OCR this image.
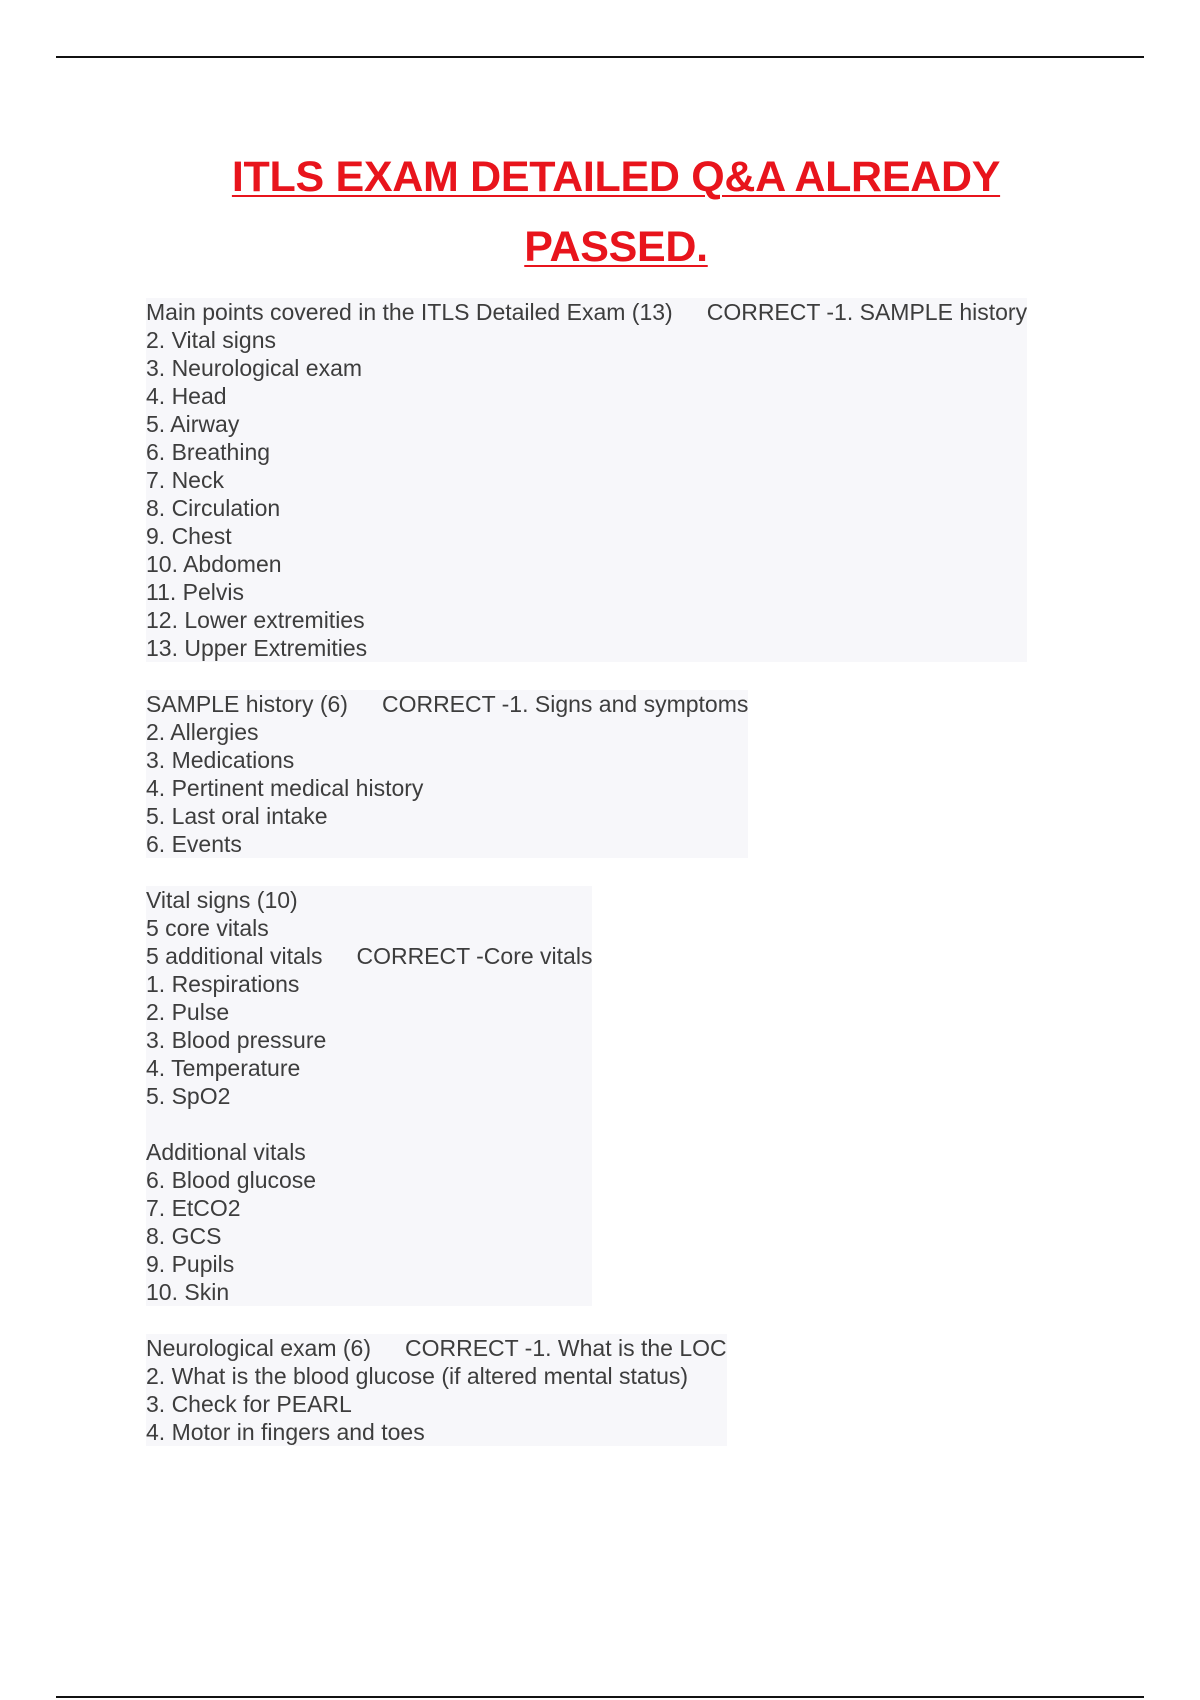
ITLS EXAM DETAILED Q&A ALREADY
PASSED.
Main points covered in the ITLS Detailed Exam (13) CORRECT -1. SAMPLE history
2. Vital signs
3. Neurological exam
4. Head
5. Airway
6. Breathing
7. Neck
8. Circulation
9. Chest
10. Abdomen
11. Pelvis
12. Lower extremities
13. Upper Extremities
SAMPLE history (6) CORRECT -1. Signs and symptoms
2. Allergies
3. Medications
4. Pertinent medical history
5. Last oral intake
6. Events
Vital signs (10)
5 core vitals
5 additional vitals CORRECT -Core vitals
1. Respirations
2. Pulse
3. Blood pressure
4. Temperature
5. SpO2

Additional vitals
6. Blood glucose
7. EtCO2
8. GCS
9. Pupils
10. Skin
Neurological exam (6) CORRECT -1. What is the LOC
2. What is the blood glucose (if altered mental status)
3. Check for PEARL
4. Motor in fingers and toes
